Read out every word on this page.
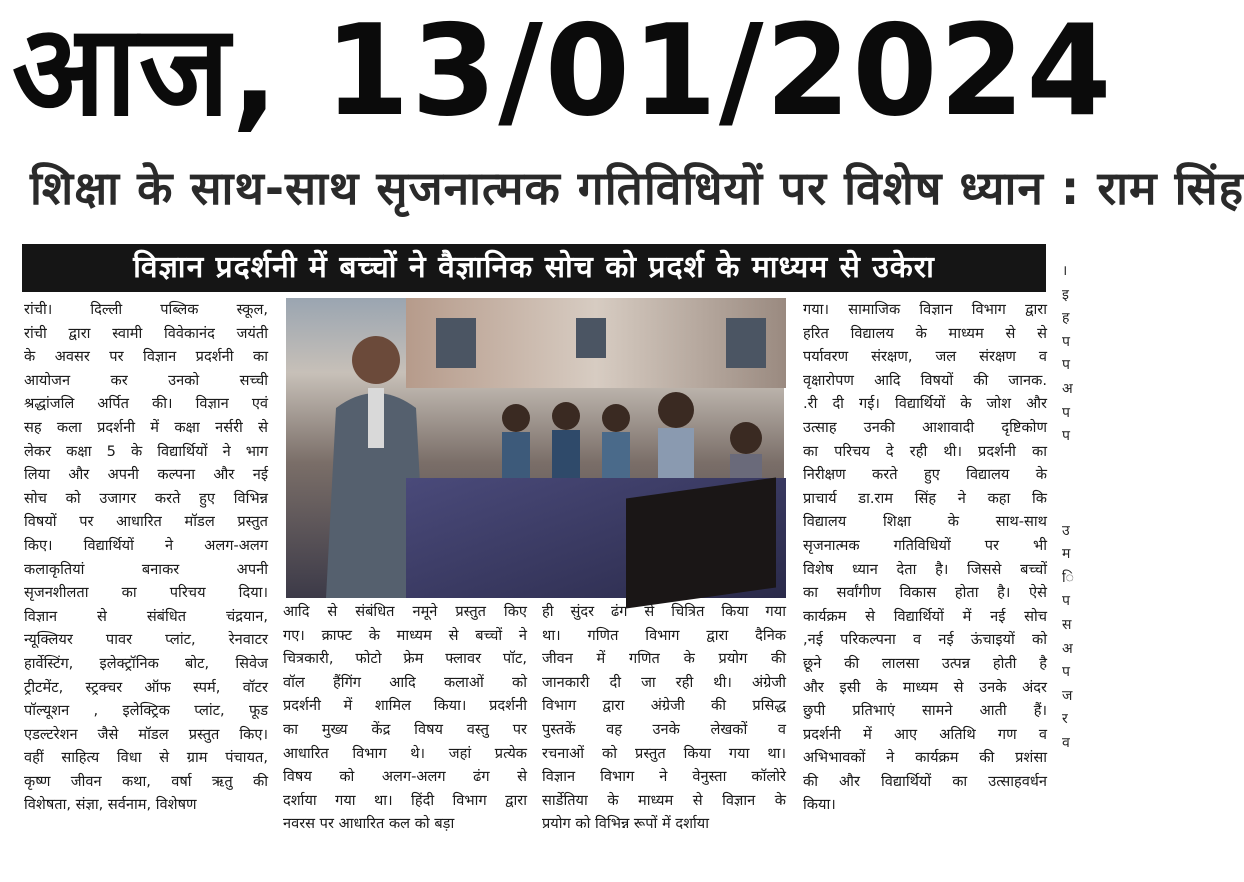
आज, 13/01/2024
शिक्षा के साथ-साथ सृजनात्मक गतिविधियों पर विशेष ध्यान : राम सिंह
विज्ञान प्रदर्शनी में बच्चों ने वैज्ञानिक सोच को प्रदर्श के माध्यम से उकेरा
रांची। दिल्ली पब्लिक स्कूल,
रांची द्वारा स्वामी विवेकानंद जयंती
के अवसर पर विज्ञान प्रदर्शनी का
आयोजन कर उनको सच्ची
श्रद्धांजलि अर्पित की। विज्ञान एवं
सह कला प्रदर्शनी में कक्षा नर्सरी से
लेकर कक्षा 5 के विद्यार्थियों ने भाग
लिया और अपनी कल्पना और नई
सोच को उजागर करते हुए विभिन्न
विषयों पर आधारित मॉडल प्रस्तुत
किए। विद्यार्थियों ने अलग-अलग
कलाकृतियां बनाकर अपनी
सृजनशीलता का परिचय दिया।
विज्ञान से संबंधित चंद्रयान,
न्यूक्लियर पावर प्लांट, रेनवाटर
हार्वेस्टिंग, इलेक्ट्रॉनिक बोट, सिवेज
ट्रीटमेंट, स्ट्रक्चर ऑफ स्पर्म, वॉटर
पॉल्यूशन , इलेक्ट्रिक प्लांट, फूड
एडल्टरेशन जैसे मॉडल प्रस्तुत किए।
वहीं साहित्य विधा से ग्राम पंचायत,
कृष्ण जीवन कथा, वर्षा ऋतु की
विशेषता, संज्ञा, सर्वनाम, विशेषण
आदि से संबंधित नमूने प्रस्तुत किए
गए। क्राफ्ट के माध्यम से बच्चों ने
चित्रकारी, फोटो फ्रेम फ्लावर पॉट,
वॉल हैंगिंग आदि कलाओं को
प्रदर्शनी में शामिल किया। प्रदर्शनी
का मुख्य केंद्र विषय वस्तु पर
आधारित विभाग थे। जहां प्रत्येक
विषय को अलग-अलग ढंग से
दर्शाया गया था। हिंदी विभाग द्वारा
नवरस पर आधारित कल को बड़ा
ही सुंदर ढंग से चित्रित किया गया
था। गणित विभाग द्वारा दैनिक
जीवन में गणित के प्रयोग की
जानकारी दी जा रही थी। अंग्रेजी
विभाग द्वारा अंग्रेजी की प्रसिद्ध
पुस्तकें वह उनके लेखकों व
रचनाओं को प्रस्तुत किया गया था।
विज्ञान विभाग ने वेनुस्ता कॉलोरे
सार्डेतिया के माध्यम से विज्ञान के
प्रयोग को विभिन्न रूपों में दर्शाया
गया। सामाजिक विज्ञान विभाग द्वारा
हरित विद्यालय के माध्यम से से
पर्यावरण संरक्षण, जल संरक्षण व
वृक्षारोपण आदि विषयों की जानक.
.री दी गई। विद्यार्थियों के जोश और
उत्साह उनकी आशावादी दृष्टिकोण
का परिचय दे रही थी। प्रदर्शनी का
निरीक्षण करते हुए विद्यालय के
प्राचार्य डा.राम सिंह ने कहा कि
विद्यालय शिक्षा के साथ-साथ
सृजनात्मक गतिविधियों पर भी
विशेष ध्यान देता है। जिससे बच्चों
का सर्वांगीण विकास होता है। ऐसे
कार्यक्रम से विद्यार्थियों में नई सोच
,नई परिकल्पना व नई ऊंचाइयों को
छूने की लालसा उत्पन्न होती है
और इसी के माध्यम से उनके अंदर
छुपी प्रतिभाएं सामने आती हैं।
प्रदर्शनी में आए अतिथि गण व
अभिभावकों ने कार्यक्रम की प्रशंसा
की और विद्यार्थियों का उत्साहवर्धन
किया।
।
इ
ह
प
प
अ
प
प

उ
म
ि
प
स
अ
प
ज
र
व
